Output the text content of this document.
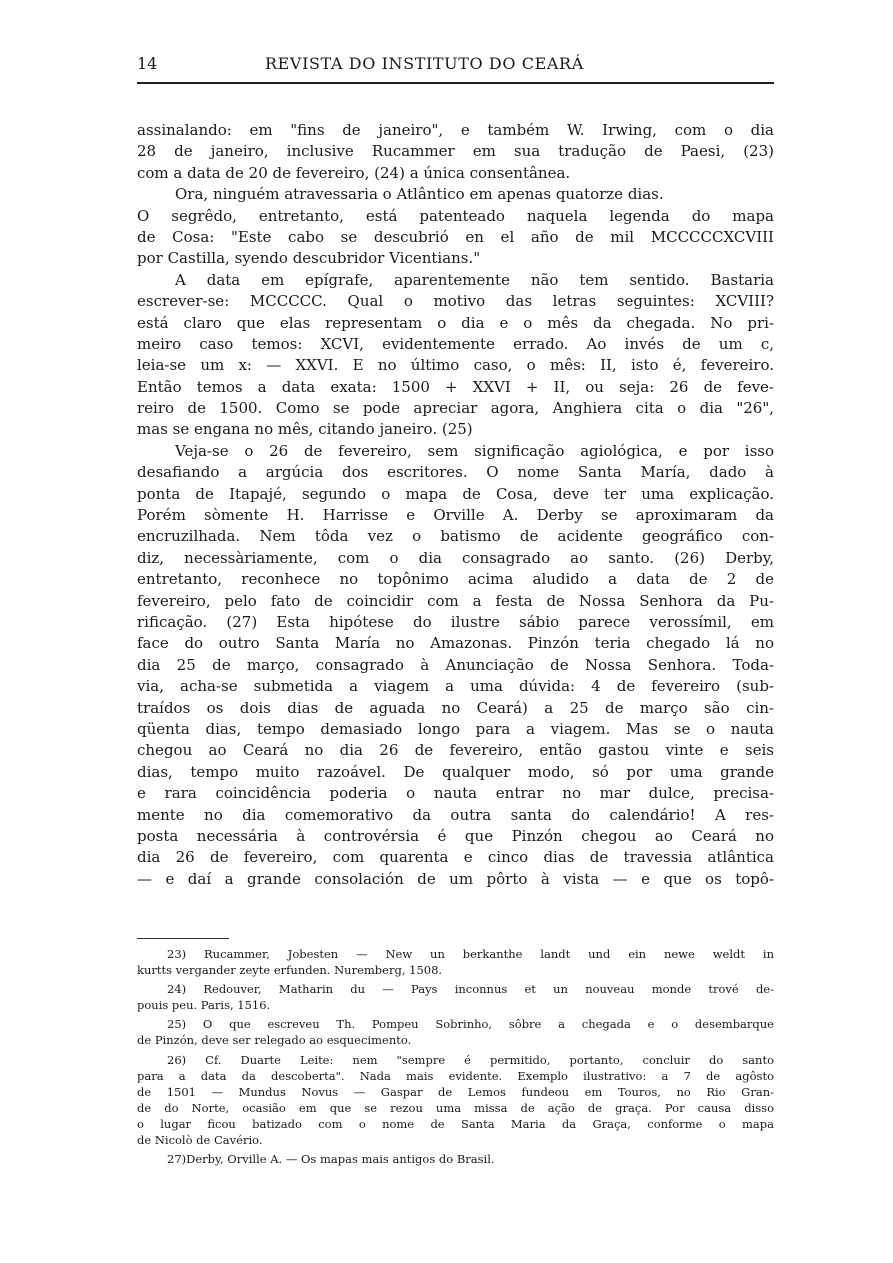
14	REVISTA DO INSTITUTO DO CEARÁ
assinalando: em "fins de janeiro", e também W. Irwing, com o dia
28 de janeiro, inclusive Rucammer em sua tradução de Paesi, (23)
com a data de 20 de fevereiro, (24) a única consentânea.
Ora, ninguém atravessaria o Atlântico em apenas quatorze dias.
O segrêdo, entretanto, está patenteado naquela legenda do mapa
de Cosa: "Este cabo se descubrió en el año de mil MCCCCCXCVIII
por Castilla, syendo descubridor Vicentians."
A data em epígrafe, aparentemente não tem sentido. Bastaria
escrever-se: MCCCCC. Qual o motivo das letras seguintes: XCVIII?
está claro que elas representam o dia e o mês da chegada. No pri-
meiro caso temos: XCVI, evidentemente errado. Ao invés de um c,
leia-se um x: — XXVI. E no último caso, o mês: II, isto é, fevereiro.
Então temos a data exata: 1500 + XXVI + II, ou seja: 26 de feve-
reiro de 1500. Como se pode apreciar agora, Anghiera cita o dia "26",
mas se engana no mês, citando janeiro. (25)
Veja-se o 26 de fevereiro, sem significação agiológica, e por isso
desafiando a argúcia dos escritores. O nome Santa María, dado à
ponta de Itapajé, segundo o mapa de Cosa, deve ter uma explicação.
Porém sòmente H. Harrisse e Orville A. Derby se aproximaram da
encruzilhada. Nem tôda vez o batismo de acidente geográfico con-
diz, necessàriamente, com o dia consagrado ao santo. (26) Derby,
entretanto, reconhece no topônimo acima aludido a data de 2 de
fevereiro, pelo fato de coincidir com a festa de Nossa Senhora da Pu-
rificação. (27) Esta hipótese do ilustre sábio parece verossímil, em
face do outro Santa María no Amazonas. Pinzón teria chegado lá no
dia 25 de março, consagrado à Anunciação de Nossa Senhora. Toda-
via, acha-se submetida a viagem a uma dúvida: 4 de fevereiro (sub-
traídos os dois dias de aguada no Ceará) a 25 de março são cin-
qüenta dias, tempo demasiado longo para a viagem. Mas se o nauta
chegou ao Ceará no dia 26 de fevereiro, então gastou vinte e seis
dias, tempo muito razoável. De qualquer modo, só por uma grande
e rara coincidência poderia o nauta entrar no mar dulce, precisa-
mente no dia comemorativo da outra santa do calendário! A res-
posta necessária à controvérsia é que Pinzón chegou ao Ceará no
dia 26 de fevereiro, com quarenta e cinco dias de travessia atlântica
— e daí a grande consolación de um pôrto à vista — e que os topô-
23) Rucammer, Jobesten — New un berkanthe landt und ein newe weldt in
kurtts vergander zeyte erfunden. Nuremberg, 1508.
24) Redouver, Matharin du — Pays inconnus et un nouveau monde trové de-
pouis peu. Paris, 1516.
25) O que escreveu Th. Pompeu Sobrinho, sôbre a chegada e o desembarque
de Pinzón, deve ser relegado ao esquecimento.
26) Cf. Duarte Leite: nem "sempre é permitido, portanto, concluir do santo
para a data da descoberta". Nada mais evidente. Exemplo ilustrativo: a 7 de agôsto
de 1501 — Mundus Novus — Gaspar de Lemos fundeou em Touros, no Rio Gran-
de do Norte, ocasião em que se rezou uma missa de ação de graça. Por causa disso
o lugar ficou batizado com o nome de Santa Maria da Graça, conforme o mapa
de Nicolò de Cavério.
27)Derby, Orville A. — Os mapas mais antigos do Brasil.
